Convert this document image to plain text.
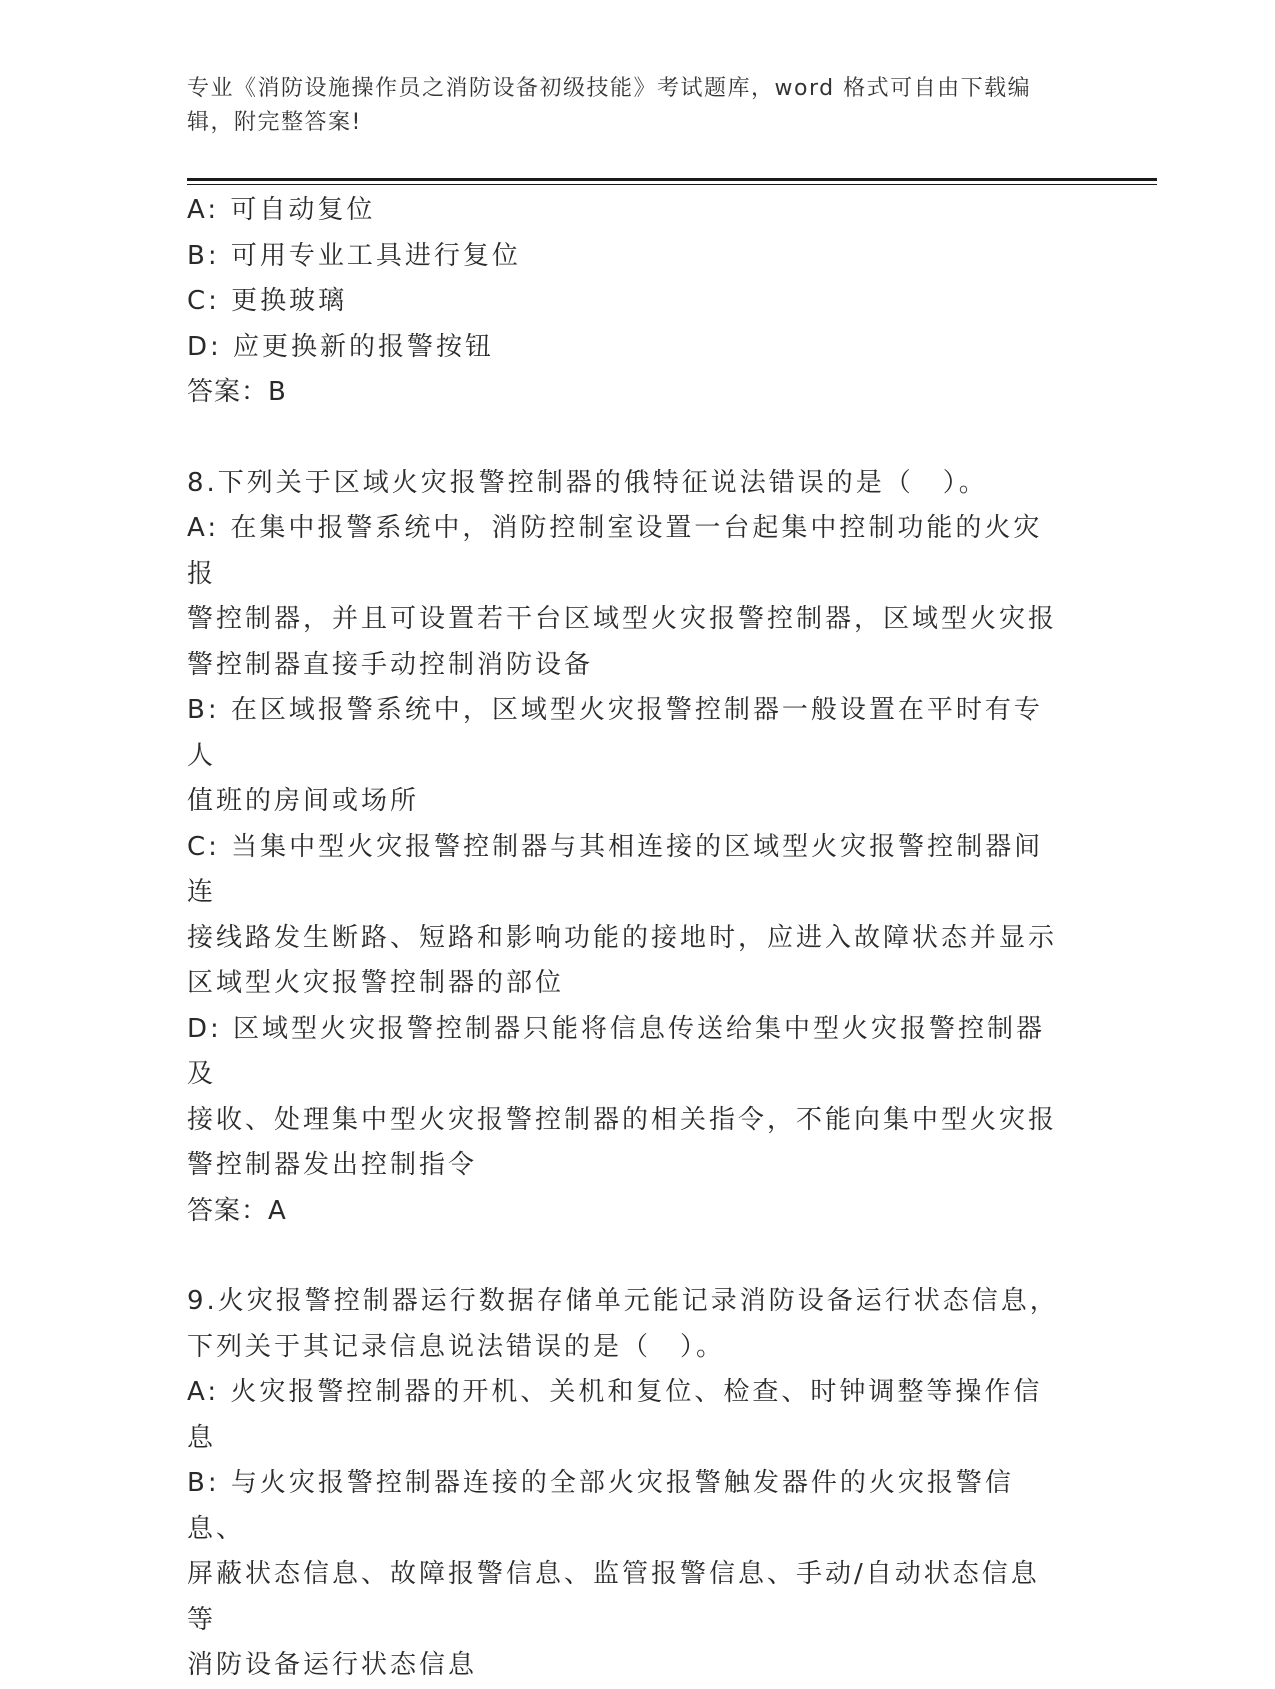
专业《消防设施操作员之消防设备初级技能》考试题库，word 格式可自由下载编
辑，附完整答案!
A: 可自动复位
B: 可用专业工具进行复位
C: 更换玻璃
D: 应更换新的报警按钮
答案：B
8.下列关于区域火灾报警控制器的俄特征说法错误的是（　）。
A: 在集中报警系统中，消防控制室设置一台起集中控制功能的火灾报
警控制器，并且可设置若干台区域型火灾报警控制器，区域型火灾报
警控制器直接手动控制消防设备
B: 在区域报警系统中，区域型火灾报警控制器一般设置在平时有专人
值班的房间或场所
C: 当集中型火灾报警控制器与其相连接的区域型火灾报警控制器间连
接线路发生断路、短路和影响功能的接地时，应进入故障状态并显示
区域型火灾报警控制器的部位
D: 区域型火灾报警控制器只能将信息传送给集中型火灾报警控制器及
接收、处理集中型火灾报警控制器的相关指令，不能向集中型火灾报
警控制器发出控制指令
答案：A
9.火灾报警控制器运行数据存储单元能记录消防设备运行状态信息，
下列关于其记录信息说法错误的是（　）。
A: 火灾报警控制器的开机、关机和复位、检查、时钟调整等操作信息
B: 与火灾报警控制器连接的全部火灾报警触发器件的火灾报警信息、
屏蔽状态信息、故障报警信息、监管报警信息、手动/自动状态信息等
消防设备运行状态信息
